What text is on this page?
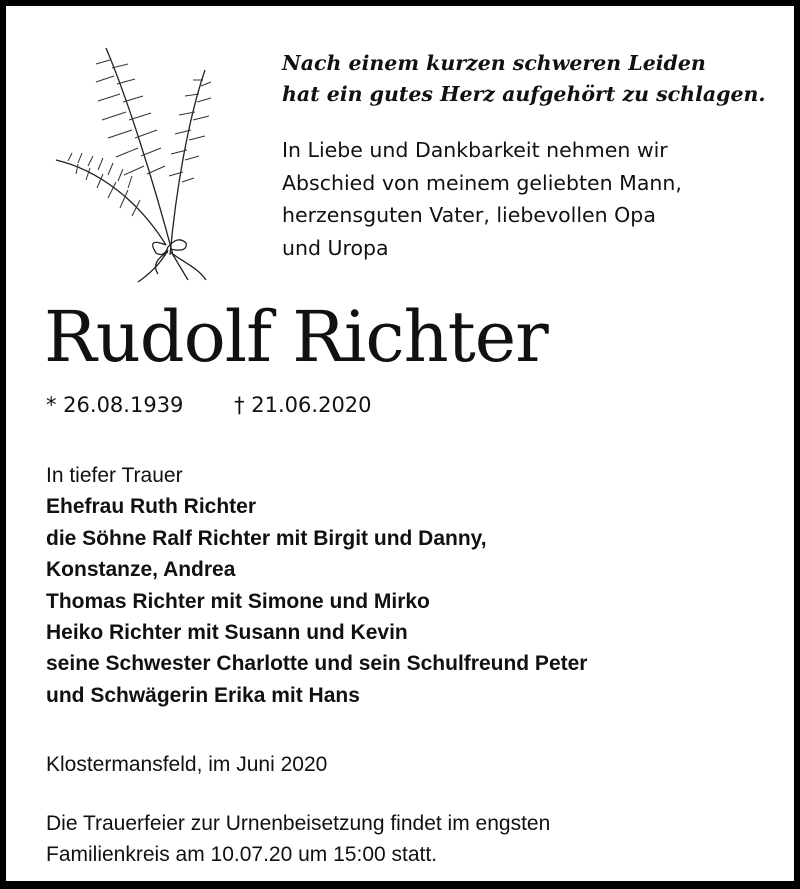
Nach einem kurzen schweren Leiden
hat ein gutes Herz aufgehört zu schlagen.

In Liebe und Dankbarkeit nehmen wir
Abschied von meinem geliebten Mann,
herzensguten Vater, liebevollen Opa
und Uropa

Rudolf Richter
* 26.08.1939 † 21.06.2020
In tiefer Trauer
Ehefrau Ruth Richter
die Söhne Ralf Richter mit Birgit und Danny,
Konstanze, Andrea
Thomas Richter mit Simone und Mirko
Heiko Richter mit Susann und Kevin
seine Schwester Charlotte und sein Schulfreund Peter
und Schwägerin Erika mit Hans
Klostermansfeld, im Juni 2020
Die Trauerfeier zur Urnenbeisetzung findet im engsten
Familienkreis am 10.07.20 um 15:00 statt.
